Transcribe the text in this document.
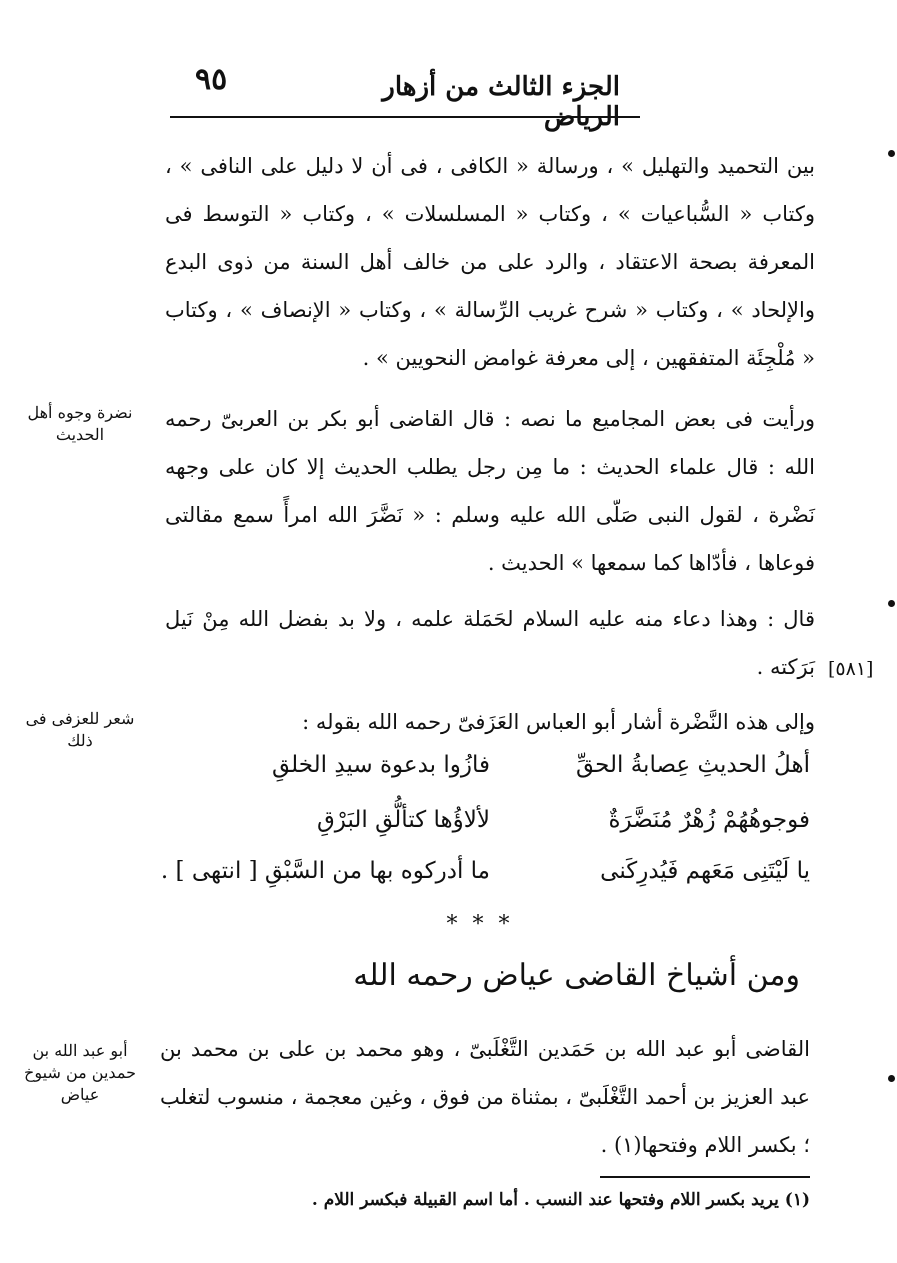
٩٥	الجزء الثالث من أزهار الرياض
بين التحميد والتهليل » ، ورسالة « الكافى ، فى أن لا دليل على النافى » ، وكتاب « السُّباعيات » ، وكتاب « المسلسلات » ، وكتاب « التوسط فى المعرفة بصحة الاعتقاد ، والرد على من خالف أهل السنة من ذوى البدع والإلحاد » ، وكتاب « شرح غريب الرِّسالة » ، وكتاب « الإنصاف » ، وكتاب « مُلْجِئَة المتفقهين ، إلى معرفة غوامض النحويين » .
ورأيت فى بعض المجاميع ما نصه : قال القاضى أبو بكر بن العربىّ رحمه الله : قال علماء الحديث : ما مِن رجل يطلب الحديث إلا كان على وجهه نَضْرة ، لقول النبى صَلّى الله عليه وسلم : « نَضَّرَ الله امرأً سمع مقالتى فوعاها ، فأدّاها كما سمعها » الحديث .
قال : وهذا دعاء منه عليه السلام لحَمَلة علمه ، ولا بد بفضل الله مِنْ نَيل بَرَكته .
وإلى هذه النَّضْرة أشار أبو العباس العَزَفىّ رحمه الله بقوله :
أهلُ الحديثِ عِصابةُ الحقِّ
فازُوا بدعوة سيدِ الخلقِ
فوجوهُهُمْ زُهْرٌ مُنَضَّرَةٌ
لألاؤُها كتألُّقِ البَرْقِ
يا لَيْتَنِى مَعَهم فَيُدرِكَنى
ما أدركوه بها من السَّبْقِ [ انتهى ] .
* * *
ومن أشياخ القاضى عياض رحمه الله
القاضى أبو عبد الله بن حَمَدين التَّغْلَبىّ ، وهو محمد بن على بن محمد بن عبد العزيز بن أحمد التَّغْلَبىّ ، بمثناة من فوق ، وغين معجمة ، منسوب لتغلب ؛ بكسر اللام وفتحها(١) .
(١) يريد بكسر اللام وفتحها عند النسب . أما اسم القبيلة فبكسر اللام .
نضرة وجوه أهل الحديث
شعر للعزفى فى ذلك
أبو عبد الله بن حمدين من شيوخ عياض
[٥٨١]
